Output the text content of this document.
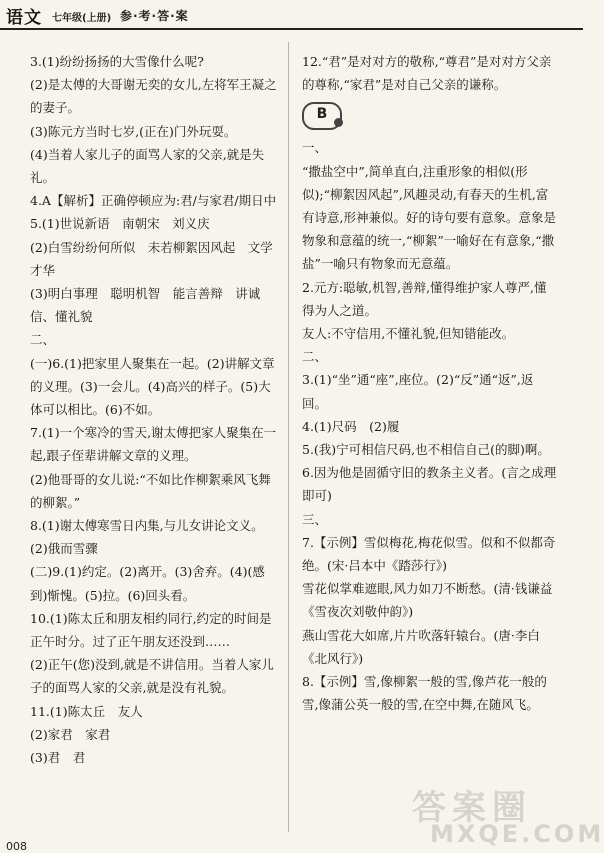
语文 七年级(上册) 参·考·答·案

3.(1)纷纷扬扬的大雪像什么呢?

(2)是太傅的大哥谢无奕的女儿,左将军王凝之的妻子。

(3)陈元方当时七岁,(正在)门外玩耍。

(4)当着人家儿子的面骂人家的父亲,就是失礼。

4.A【解析】正确停顿应为:君/与家君/期日中

5.(1)世说新语　南朝宋　刘义庆

(2)白雪纷纷何所似　未若柳絮因风起　文学才华

(3)明白事理　聪明机智　能言善辩　讲诚信、懂礼貌

二、

(一)6.(1)把家里人聚集在一起。(2)讲解文章的义理。(3)一会儿。(4)高兴的样子。(5)大体可以相比。(6)不如。

7.(1)一个寒冷的雪天,谢太傅把家人聚集在一起,跟子侄辈讲解文章的义理。

(2)他哥哥的女儿说:“不如比作柳絮乘风飞舞的柳絮。”

8.(1)谢太傅寒雪日内集,与儿女讲论文义。(2)俄而雪骤

(二)9.(1)约定。(2)离开。(3)舍弃。(4)(感到)惭愧。(5)拉。(6)回头看。

10.(1)陈太丘和朋友相约同行,约定的时间是正午时分。过了正午朋友还没到……

(2)正午(您)没到,就是不讲信用。当着人家儿子的面骂人家的父亲,就是没有礼貌。

11.(1)陈太丘　友人

(2)家君　家君

(3)君　君

12.“君”是对对方的敬称,“尊君”是对对方父亲的尊称,“家君”是对自己父亲的谦称。

B

一、

“撒盐空中”,简单直白,注重形象的相似(形似);“柳絮因风起”,风趣灵动,有春天的生机,富有诗意,形神兼似。好的诗句要有意象。意象是物象和意蕴的统一,“柳絮”一喻好在有意象,“撒盐”一喻只有物象而无意蕴。

2.元方:聪敏,机智,善辩,懂得维护家人尊严,懂得为人之道。

友人:不守信用,不懂礼貌,但知错能改。

二、

3.(1)“坐”通“座”,座位。(2)“反”通“返”,返回。

4.(1)尺码　(2)履

5.(我)宁可相信尺码,也不相信自己(的脚)啊。

6.因为他是固循守旧的教条主义者。(言之成理即可)

三、

7.【示例】雪似梅花,梅花似雪。似和不似都奇绝。(宋·吕本中《踏莎行》)

雪花似掌难遮眼,风力如刀不断愁。(清·钱谦益《雪夜次刘敬仲韵》)

燕山雪花大如席,片片吹落轩辕台。(唐·李白《北风行》)

8.【示例】雪,像柳絮一般的雪,像芦花一般的雪,像蒲公英一般的雪,在空中舞,在随风飞。

008
答案圈
MXQE.COM
